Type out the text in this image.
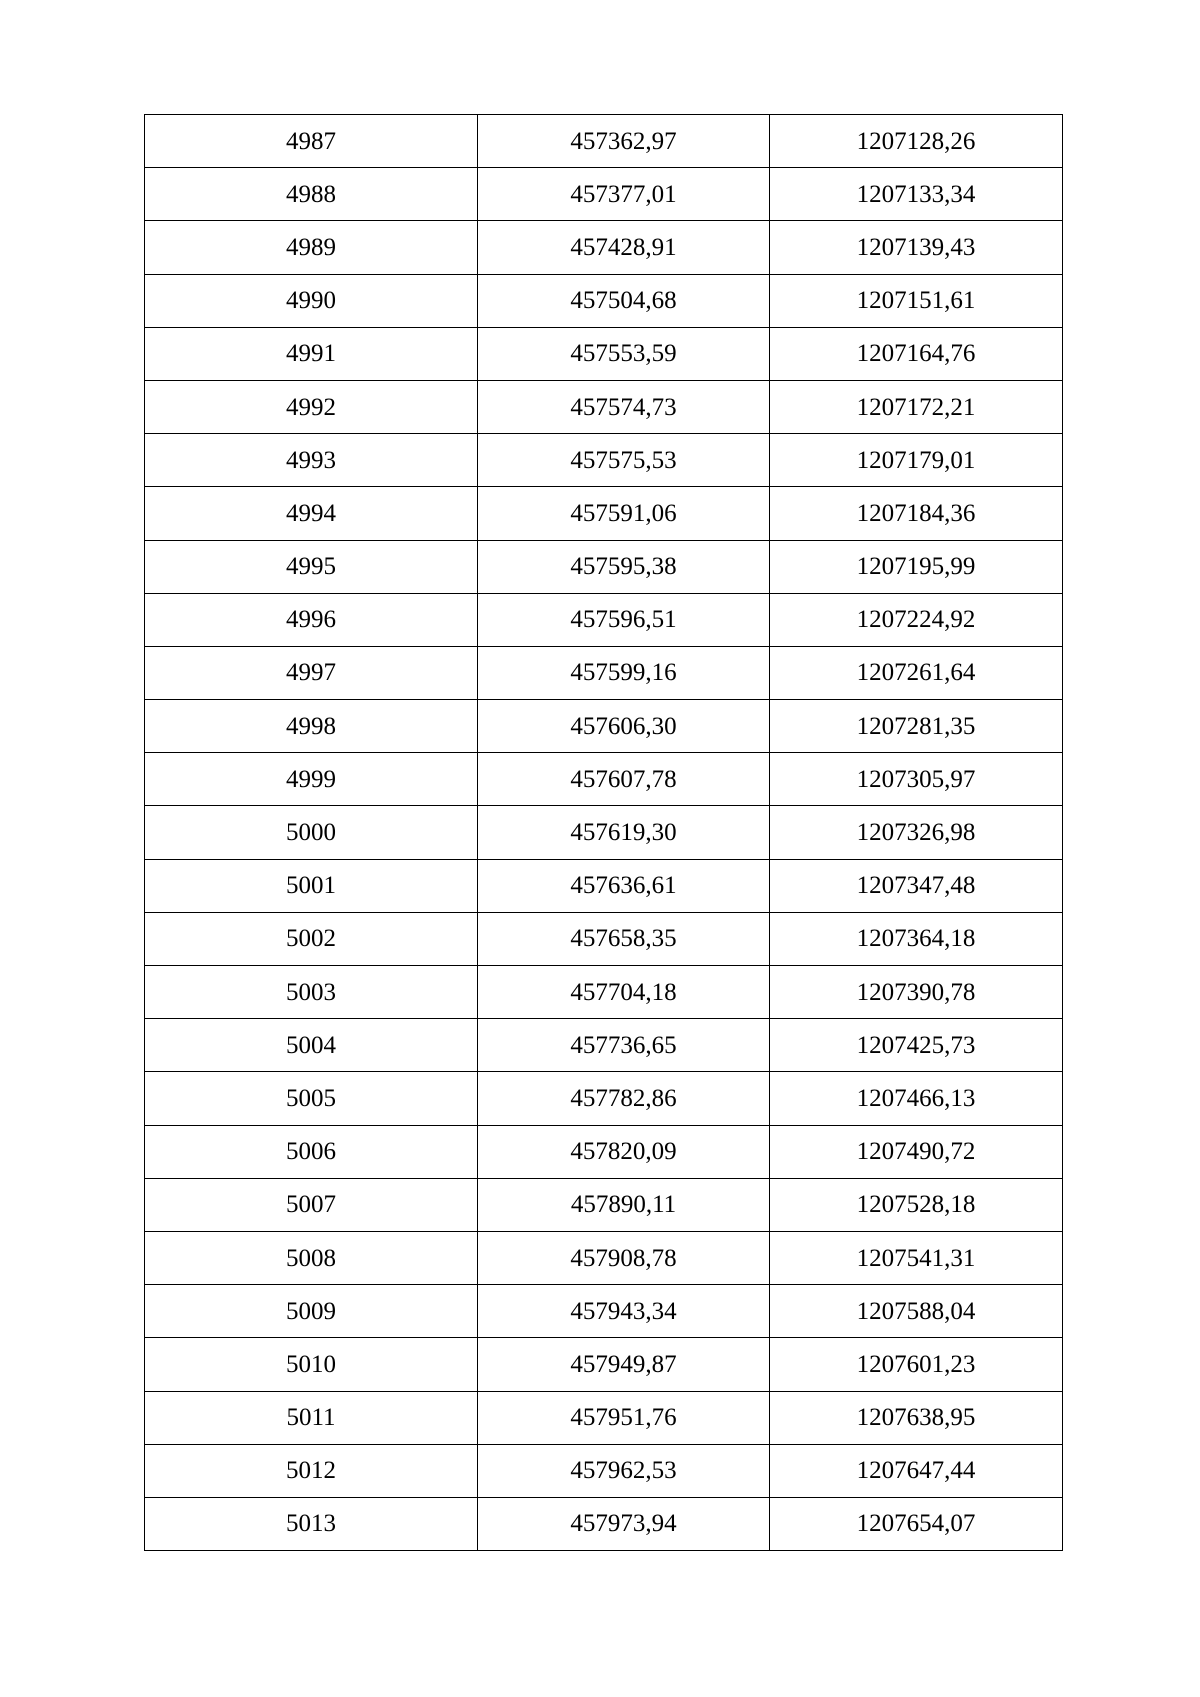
4987	457362,97	1207128,26
4988	457377,01	1207133,34
4989	457428,91	1207139,43
4990	457504,68	1207151,61
4991	457553,59	1207164,76
4992	457574,73	1207172,21
4993	457575,53	1207179,01
4994	457591,06	1207184,36
4995	457595,38	1207195,99
4996	457596,51	1207224,92
4997	457599,16	1207261,64
4998	457606,30	1207281,35
4999	457607,78	1207305,97
5000	457619,30	1207326,98
5001	457636,61	1207347,48
5002	457658,35	1207364,18
5003	457704,18	1207390,78
5004	457736,65	1207425,73
5005	457782,86	1207466,13
5006	457820,09	1207490,72
5007	457890,11	1207528,18
5008	457908,78	1207541,31
5009	457943,34	1207588,04
5010	457949,87	1207601,23
5011	457951,76	1207638,95
5012	457962,53	1207647,44
5013	457973,94	1207654,07
